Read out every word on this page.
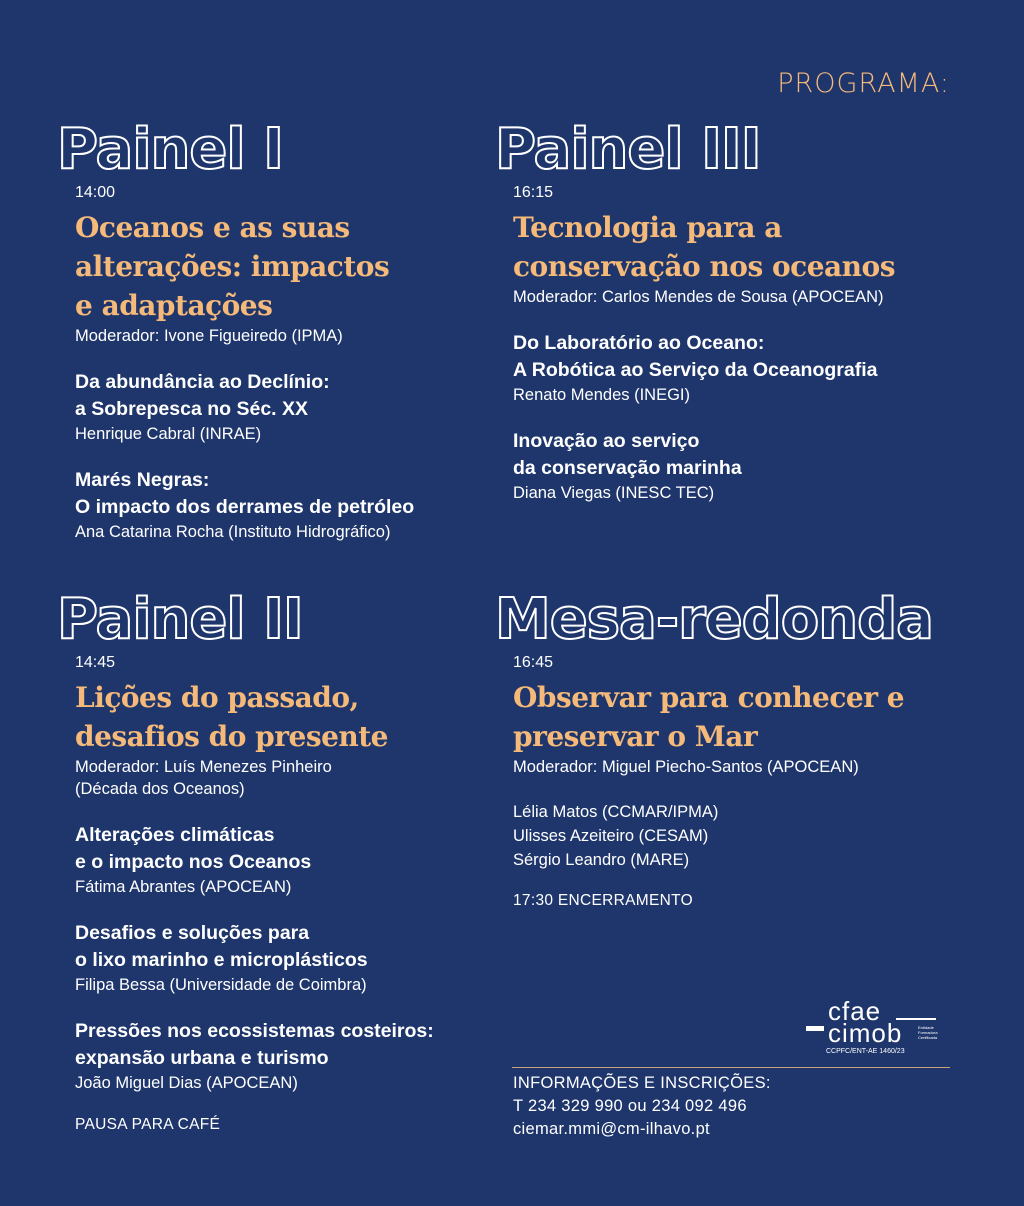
PROGRAMA:
Painel I
14:00
Oceanos e as suas
alterações: impactos
e adaptações
Moderador: Ivone Figueiredo (IPMA)
Da abundância ao Declínio:
a Sobrepesca no Séc. XX
Henrique Cabral (INRAE)
Marés Negras:
O impacto dos derrames de petróleo
Ana Catarina Rocha (Instituto Hidrográfico)
Painel III
16:15
Tecnologia para a
conservação nos oceanos
Moderador: Carlos Mendes de Sousa (APOCEAN)
Do Laboratório ao Oceano:
A Robótica ao Serviço da Oceanografia
Renato Mendes (INEGI)
Inovação ao serviço
da conservação marinha
Diana Viegas (INESC TEC)
Painel II
14:45
Lições do passado,
desafios do presente
Moderador: Luís Menezes Pinheiro
(Década dos Oceanos)
Alterações climáticas
e o impacto nos Oceanos
Fátima Abrantes (APOCEAN)
Desafios e soluções para
o lixo marinho e microplásticos
Filipa Bessa (Universidade de Coimbra)
Pressões nos ecossistemas costeiros:
expansão urbana e turismo
João Miguel Dias (APOCEAN)
PAUSA PARA CAFÉ
Mesa-redonda
16:45
Observar para conhecer e
preservar o Mar
Moderador: Miguel Piecho-Santos (APOCEAN)
Lélia Matos (CCMAR/IPMA)
Ulisses Azeiteiro (CESAM)
Sérgio Leandro (MARE)
17:30 ENCERRAMENTO
cfae
cimob	Entidade
Formadora
Certificada
CCPFC/ENT-AE 1460/23
INFORMAÇÕES E INSCRIÇÕES:
T 234 329 990 ou 234 092 496
ciemar.mmi@cm-ilhavo.pt
